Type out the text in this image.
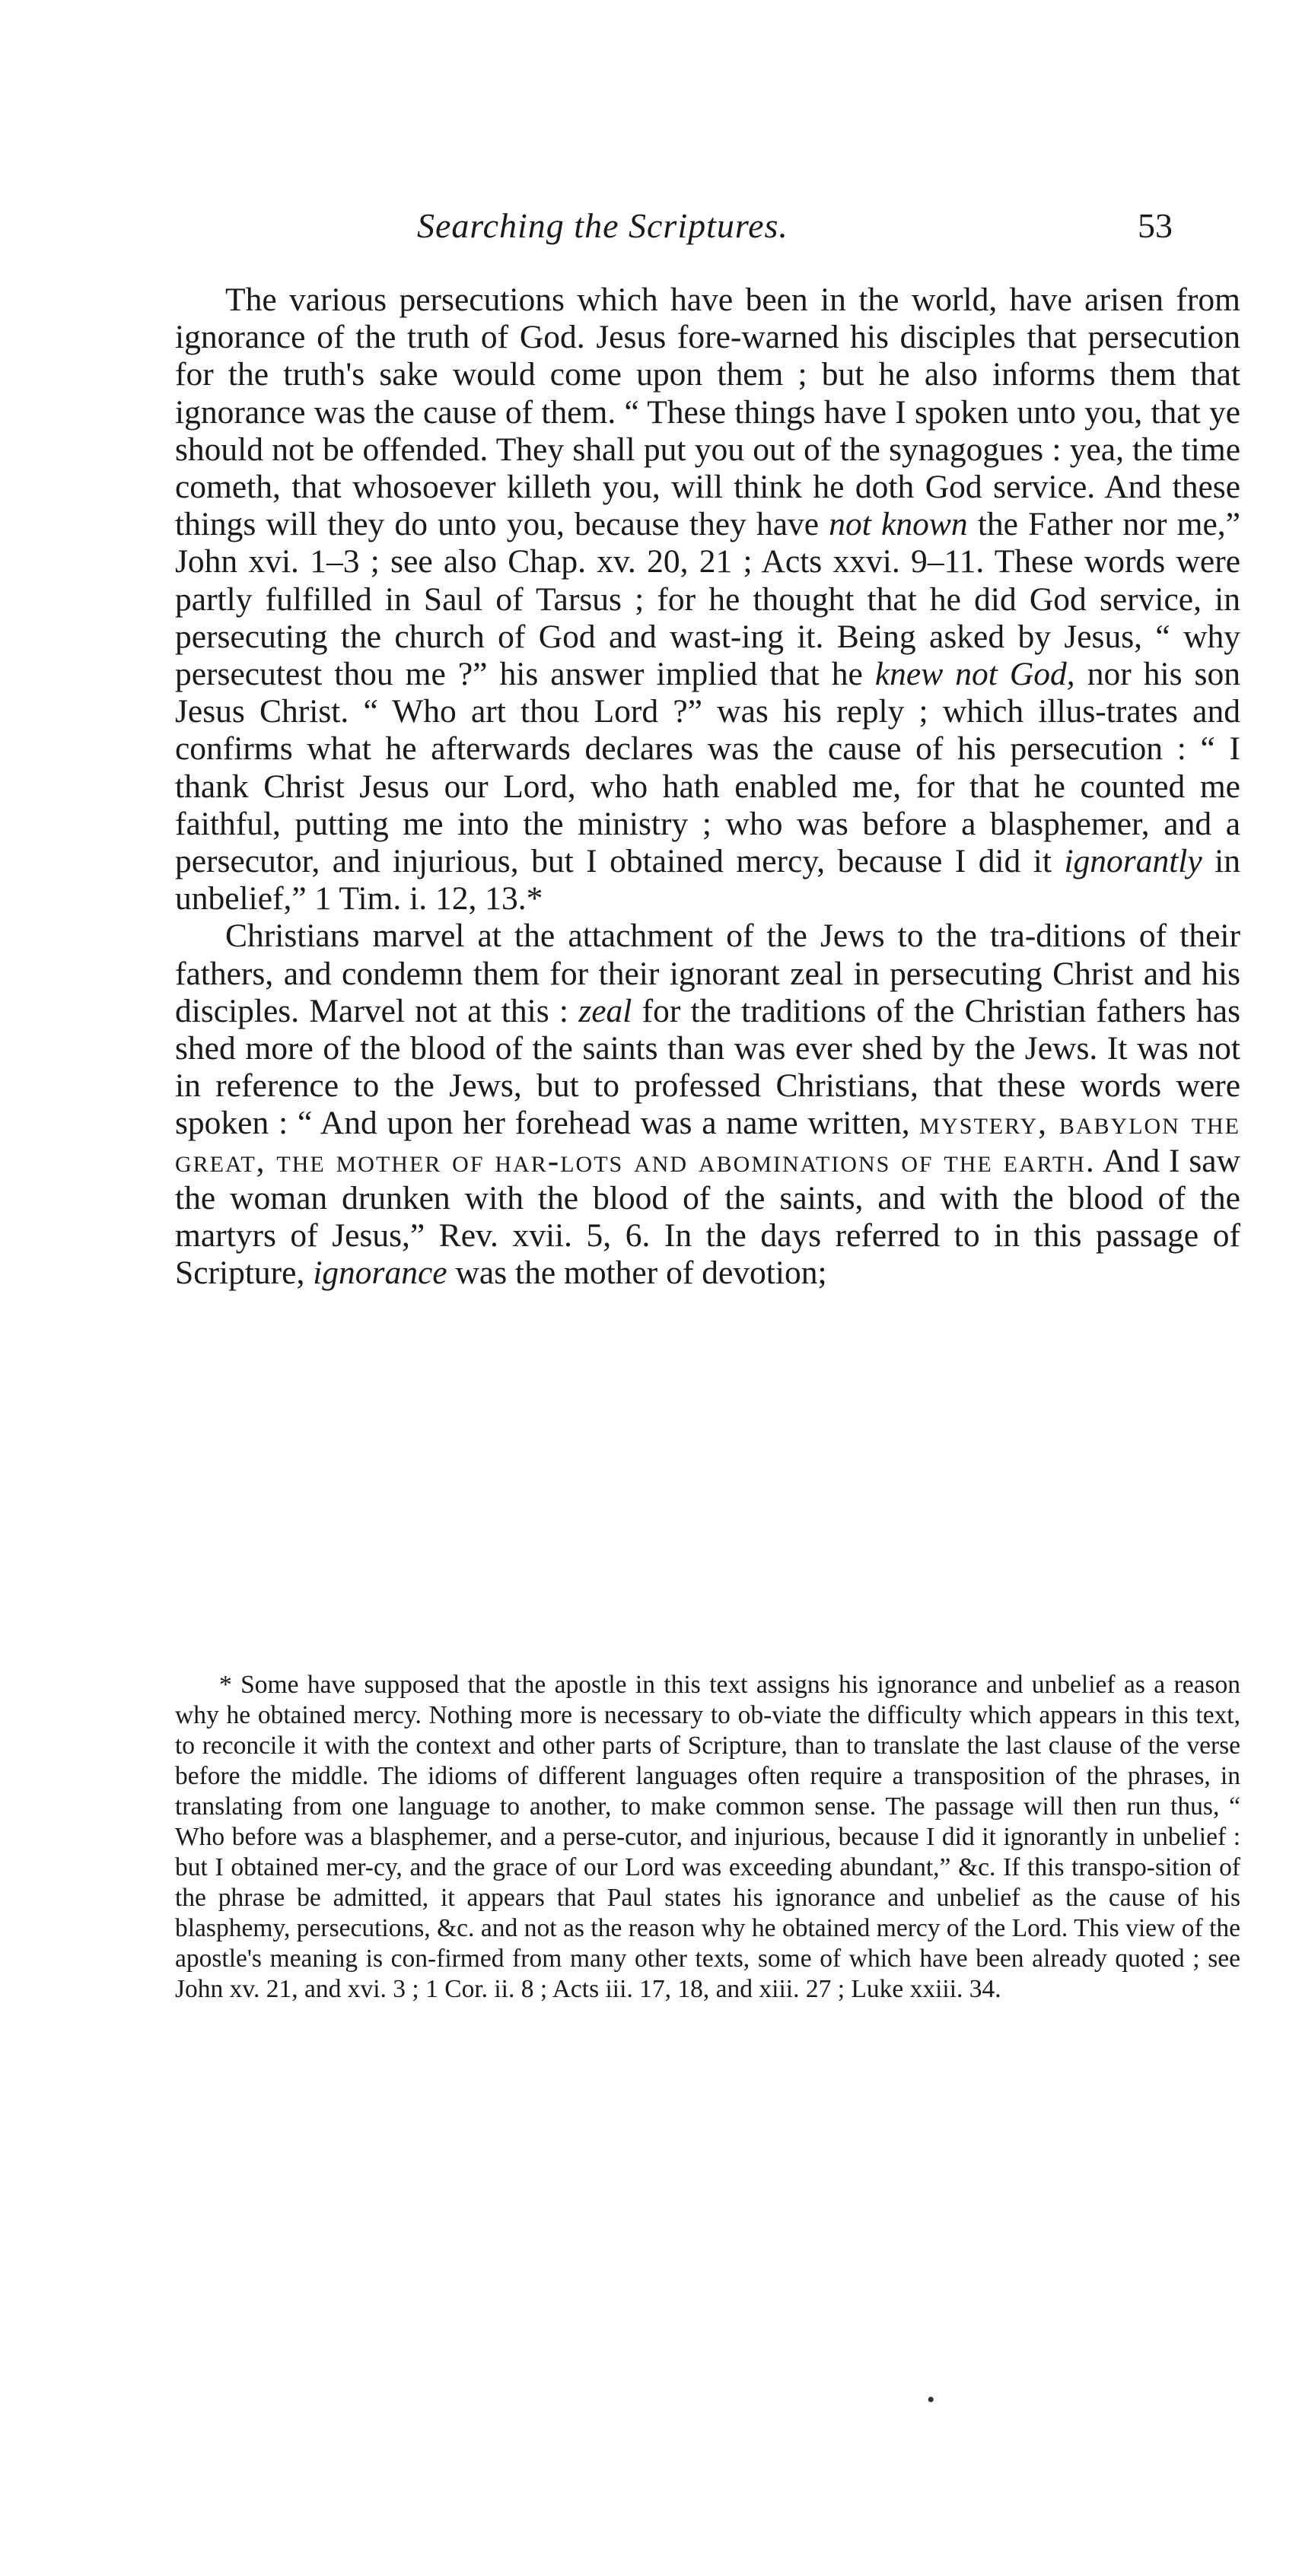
Searching the Scriptures.	53

The various persecutions which have been in the world, have arisen from ignorance of the truth of God. Jesus fore-warned his disciples that persecution for the truth's sake would come upon them ; but he also informs them that ignorance was the cause of them. “ These things have I spoken unto you, that ye should not be offended. They shall put you out of the synagogues : yea, the time cometh, that whosoever killeth you, will think he doth God service. And these things will they do unto you, because they have not known the Father nor me,” John xvi. 1–3 ; see also Chap. xv. 20, 21 ; Acts xxvi. 9–11. These words were partly fulfilled in Saul of Tarsus ; for he thought that he did God service, in persecuting the church of God and wast-ing it. Being asked by Jesus, “ why persecutest thou me ?” his answer implied that he knew not God, nor his son Jesus Christ. “ Who art thou Lord ?” was his reply ; which illus-trates and confirms what he afterwards declares was the cause of his persecution : “ I thank Christ Jesus our Lord, who hath enabled me, for that he counted me faithful, putting me into the ministry ; who was before a blasphemer, and a persecutor, and injurious, but I obtained mercy, because I did it ignorantly in unbelief,” 1 Tim. i. 12, 13.*

Christians marvel at the attachment of the Jews to the tra-ditions of their fathers, and condemn them for their ignorant zeal in persecuting Christ and his disciples. Marvel not at this : zeal for the traditions of the Christian fathers has shed more of the blood of the saints than was ever shed by the Jews. It was not in reference to the Jews, but to professed Christians, that these words were spoken : “ And upon her forehead was a name written, mystery, babylon the great, the mother of har-lots and abominations of the earth. And I saw the woman drunken with the blood of the saints, and with the blood of the martyrs of Jesus,” Rev. xvii. 5, 6. In the days referred to in this passage of Scripture, ignorance was the mother of devotion;

* Some have supposed that the apostle in this text assigns his ignorance and unbelief as a reason why he obtained mercy. Nothing more is necessary to ob-viate the difficulty which appears in this text, to reconcile it with the context and other parts of Scripture, than to translate the last clause of the verse before the middle. The idioms of different languages often require a transposition of the phrases, in translating from one language to another, to make common sense. The passage will then run thus, “ Who before was a blasphemer, and a perse-cutor, and injurious, because I did it ignorantly in unbelief : but I obtained mer-cy, and the grace of our Lord was exceeding abundant,” &c. If this transpo-sition of the phrase be admitted, it appears that Paul states his ignorance and unbelief as the cause of his blasphemy, persecutions, &c. and not as the reason why he obtained mercy of the Lord. This view of the apostle's meaning is con-firmed from many other texts, some of which have been already quoted ; see John xv. 21, and xvi. 3 ; 1 Cor. ii. 8 ; Acts iii. 17, 18, and xiii. 27 ; Luke xxiii. 34.

•
